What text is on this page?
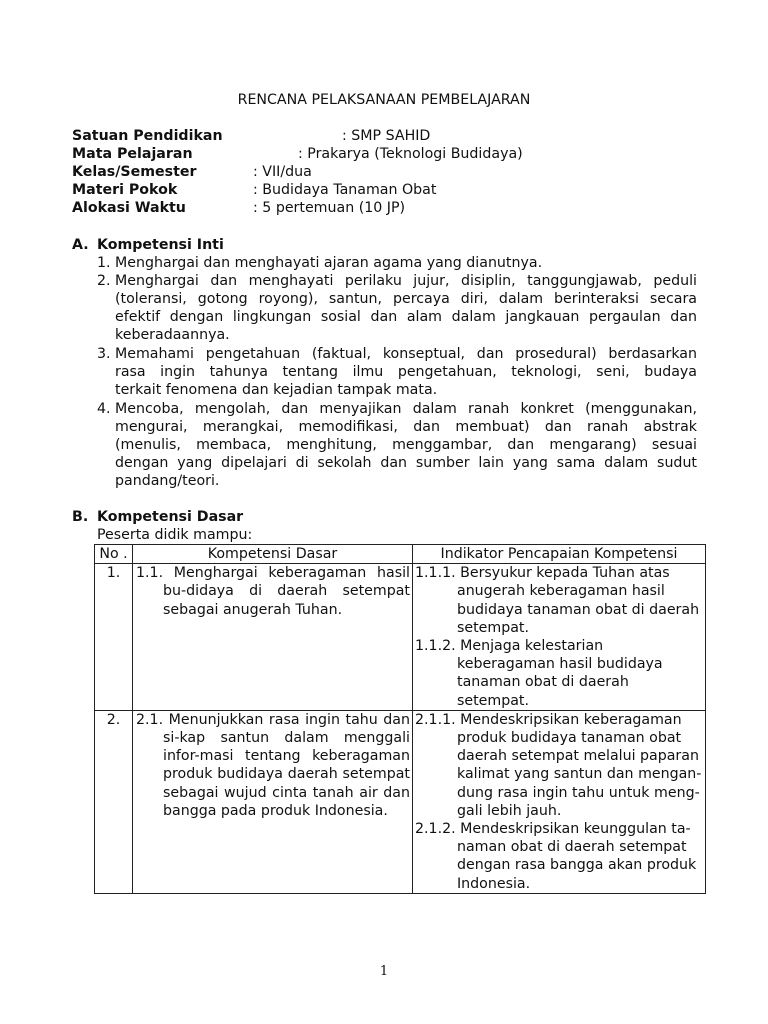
RENCANA PELAKSANAAN PEMBELAJARAN
Satuan Pendidikan	: SMP SAHID
Mata Pelajaran	: Prakarya (Teknologi Budidaya)
Kelas/Semester	: VII/dua
Materi Pokok	: Budidaya Tanaman Obat
Alokasi Waktu	: 5 pertemuan (10 JP)
A. Kompetensi Inti
1. Menghargai dan menghayati ajaran agama yang dianutnya.
2. Menghargai dan menghayati perilaku jujur, disiplin, tanggungjawab, peduli
(toleransi, gotong royong), santun, percaya diri, dalam berinteraksi secara
efektif dengan lingkungan sosial dan alam dalam jangkauan pergaulan dan
keberadaannya.
3. Memahami pengetahuan (faktual, konseptual, dan prosedural) berdasarkan
rasa ingin tahunya tentang ilmu pengetahuan, teknologi, seni, budaya
terkait fenomena dan kejadian tampak mata.
4. Mencoba, mengolah, dan menyajikan dalam ranah konkret (menggunakan,
mengurai, merangkai, memodifikasi, dan membuat) dan ranah abstrak
(menulis, membaca, menghitung, menggambar, dan mengarang) sesuai
dengan yang dipelajari di sekolah dan sumber lain yang sama dalam sudut
pandang/teori.
B. Kompetensi Dasar
Peserta didik mampu:
No .	Kompetensi Dasar	Indikator Pencapaian Kompetensi
1.	1.1. Menghargai keberagaman hasil bu-didaya di daerah setempat sebagai anugerah Tuhan.	1.1.1. Bersyukur kepada Tuhan atas anugerah keberagaman hasil budidaya tanaman obat di daerah setempat.
1.1.2. Menjaga kelestarian keberagaman hasil budidaya tanaman obat di daerah setempat.

2.	2.1. Menunjukkan rasa ingin tahu dan si-kap santun dalam menggali infor-masi tentang keberagaman produk budidaya daerah setempat sebagai wujud cinta tanah air dan bangga pada produk Indonesia.	2.1.1. Mendeskripsikan keberagaman produk budidaya tanaman obat daerah setempat melalui paparan kalimat yang santun dan mengan-dung rasa ingin tahu untuk meng-gali lebih jauh.
2.1.2. Mendeskripsikan keunggulan ta-naman obat di daerah setempat dengan rasa bangga akan produk Indonesia.
1
